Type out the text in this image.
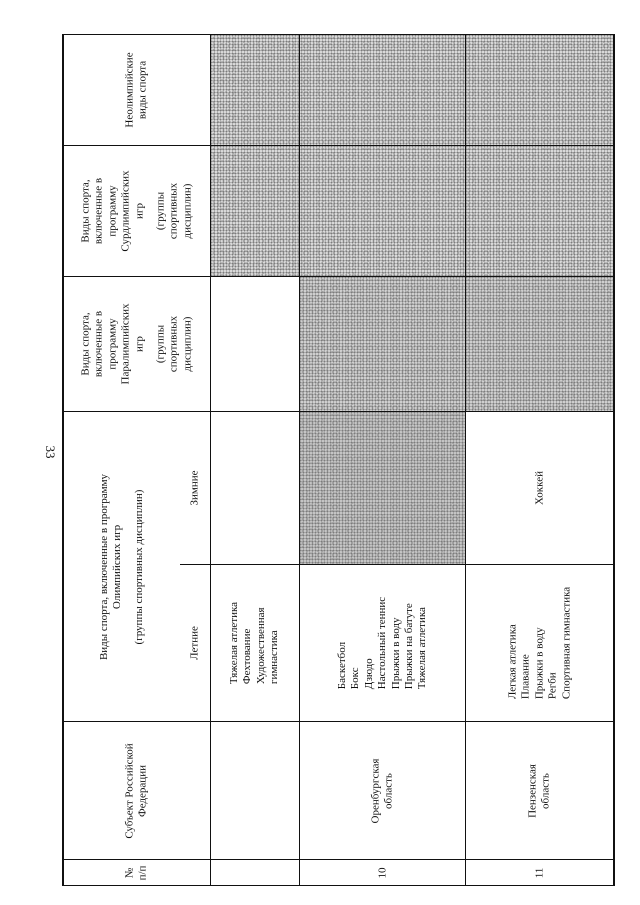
33
№ п/п
Субъект Российской Федерации
Виды спорта, включенные в программу Олимпийских игр (группы спортивных дисциплин)	Летние
Зимние
Виды спорта, включенные в программу Паралимпийских игр (группы спортивных дисциплин)
Виды спорта, включенные в программу Сурдлимпийских игр (группы спортивных дисциплин)
Неолимпийские виды спорта
Тяжелая атлетика Фехтование Художественная гимнастика
10
Оренбургская область
Баскетбол Бокс Дзюдо Настольный теннис Прыжки в воду Прыжки на батуте Тяжелая атлетика
11
Пензенская область
Легкая атлетика Плавание Прыжки в воду Регби Спортивная гимнастика
Хоккей
